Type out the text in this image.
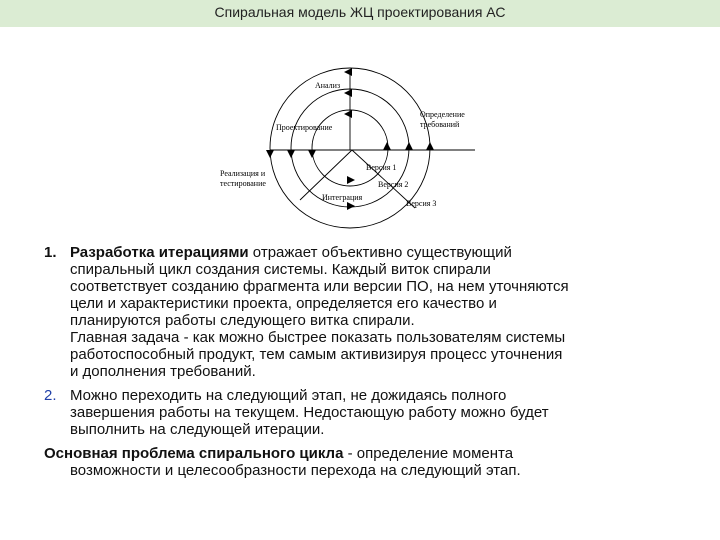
Спиральная модель ЖЦ проектирования АС
Анализ
Проектирование
Определение
требований
Реализация и
тестирование
Интеграция
Версия 1
Версия 2
Версия 3
1. Разработка итерациями отражает объективно существующий
спиральный цикл создания системы. Каждый виток спирали
соответствует созданию фрагмента или версии ПО, на нем уточняются
цели и характеристики проекта, определяется его качество и
планируются работы следующего витка спирали.
Главная задача - как можно быстрее показать пользователям системы
работоспособный продукт, тем самым активизируя процесс уточнения
и дополнения требований.
2. Можно переходить на следующий этап, не дожидаясь полного
завершения работы на текущем. Недостающую работу можно будет
выполнить на следующей итерации.
Основная проблема спирального цикла - определение момента
возможности и целесообразности перехода на следующий этап.
